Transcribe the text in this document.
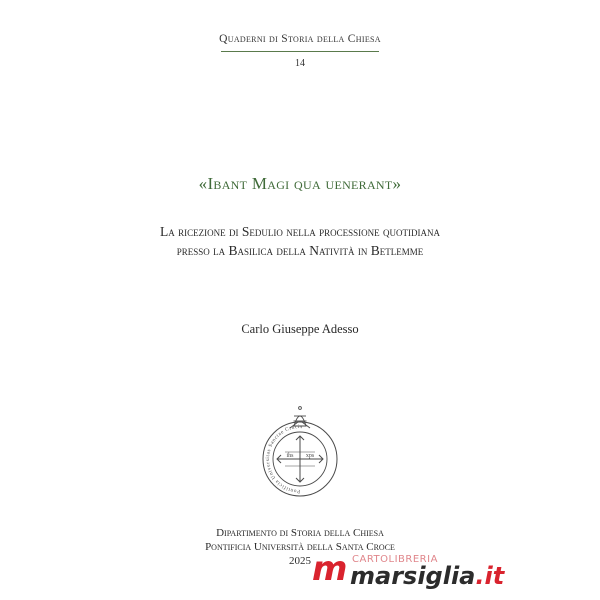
Quaderni di Storia della Chiesa
14
«Ibant Magi qua uenerant»
La ricezione di Sedulio nella processione quotidiana
presso la Basilica della Natività in Betlemme
Carlo Giuseppe Adesso
Pontificia Universitas Sanctae Crucis
ihs xps
Dipartimento di Storia della Chiesa
Pontificia Università della Santa Croce
2025 m CARTOLIBRERIA
marsiglia.it
